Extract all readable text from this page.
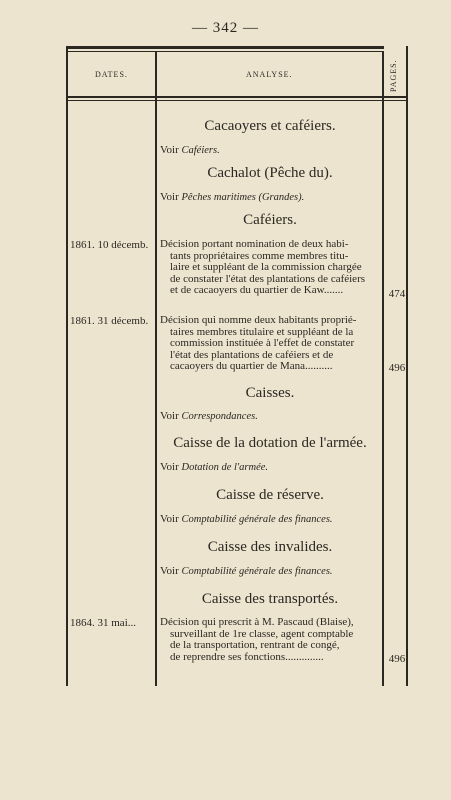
— 342 —
DATES.	ANALYSE.	PAGES.
Cacaoyers et caféiers.
Voir Caféiers.
Cachalot (Pêche du).
Voir Pêches maritimes (Grandes).
Caféiers.
1861. 10 décemb.	Décision portant nomination de deux habi-
tants propriétaires comme membres titu-
laire et suppléant de la commission chargée
de constater l'état des plantations de caféiers
et de cacaoyers du quartier de Kaw.......	474
1861. 31 décemb.	Décision qui nomme deux habitants proprié-
taires membres titulaire et suppléant de la
commission instituée à l'effet de constater
l'état des plantations de caféiers et de
cacaoyers du quartier de Mana..........	496
Caisses.
Voir Correspondances.
Caisse de la dotation de l'armée.
Voir Dotation de l'armée.
Caisse de réserve.
Voir Comptabilité générale des finances.
Caisse des invalides.
Voir Comptabilité générale des finances.
Caisse des transportés.
1864. 31 mai...	Décision qui prescrit à M. Pascaud (Blaise),
surveillant de 1re classe, agent comptable
de la transportation, rentrant de congé,
de reprendre ses fonctions..............	496
